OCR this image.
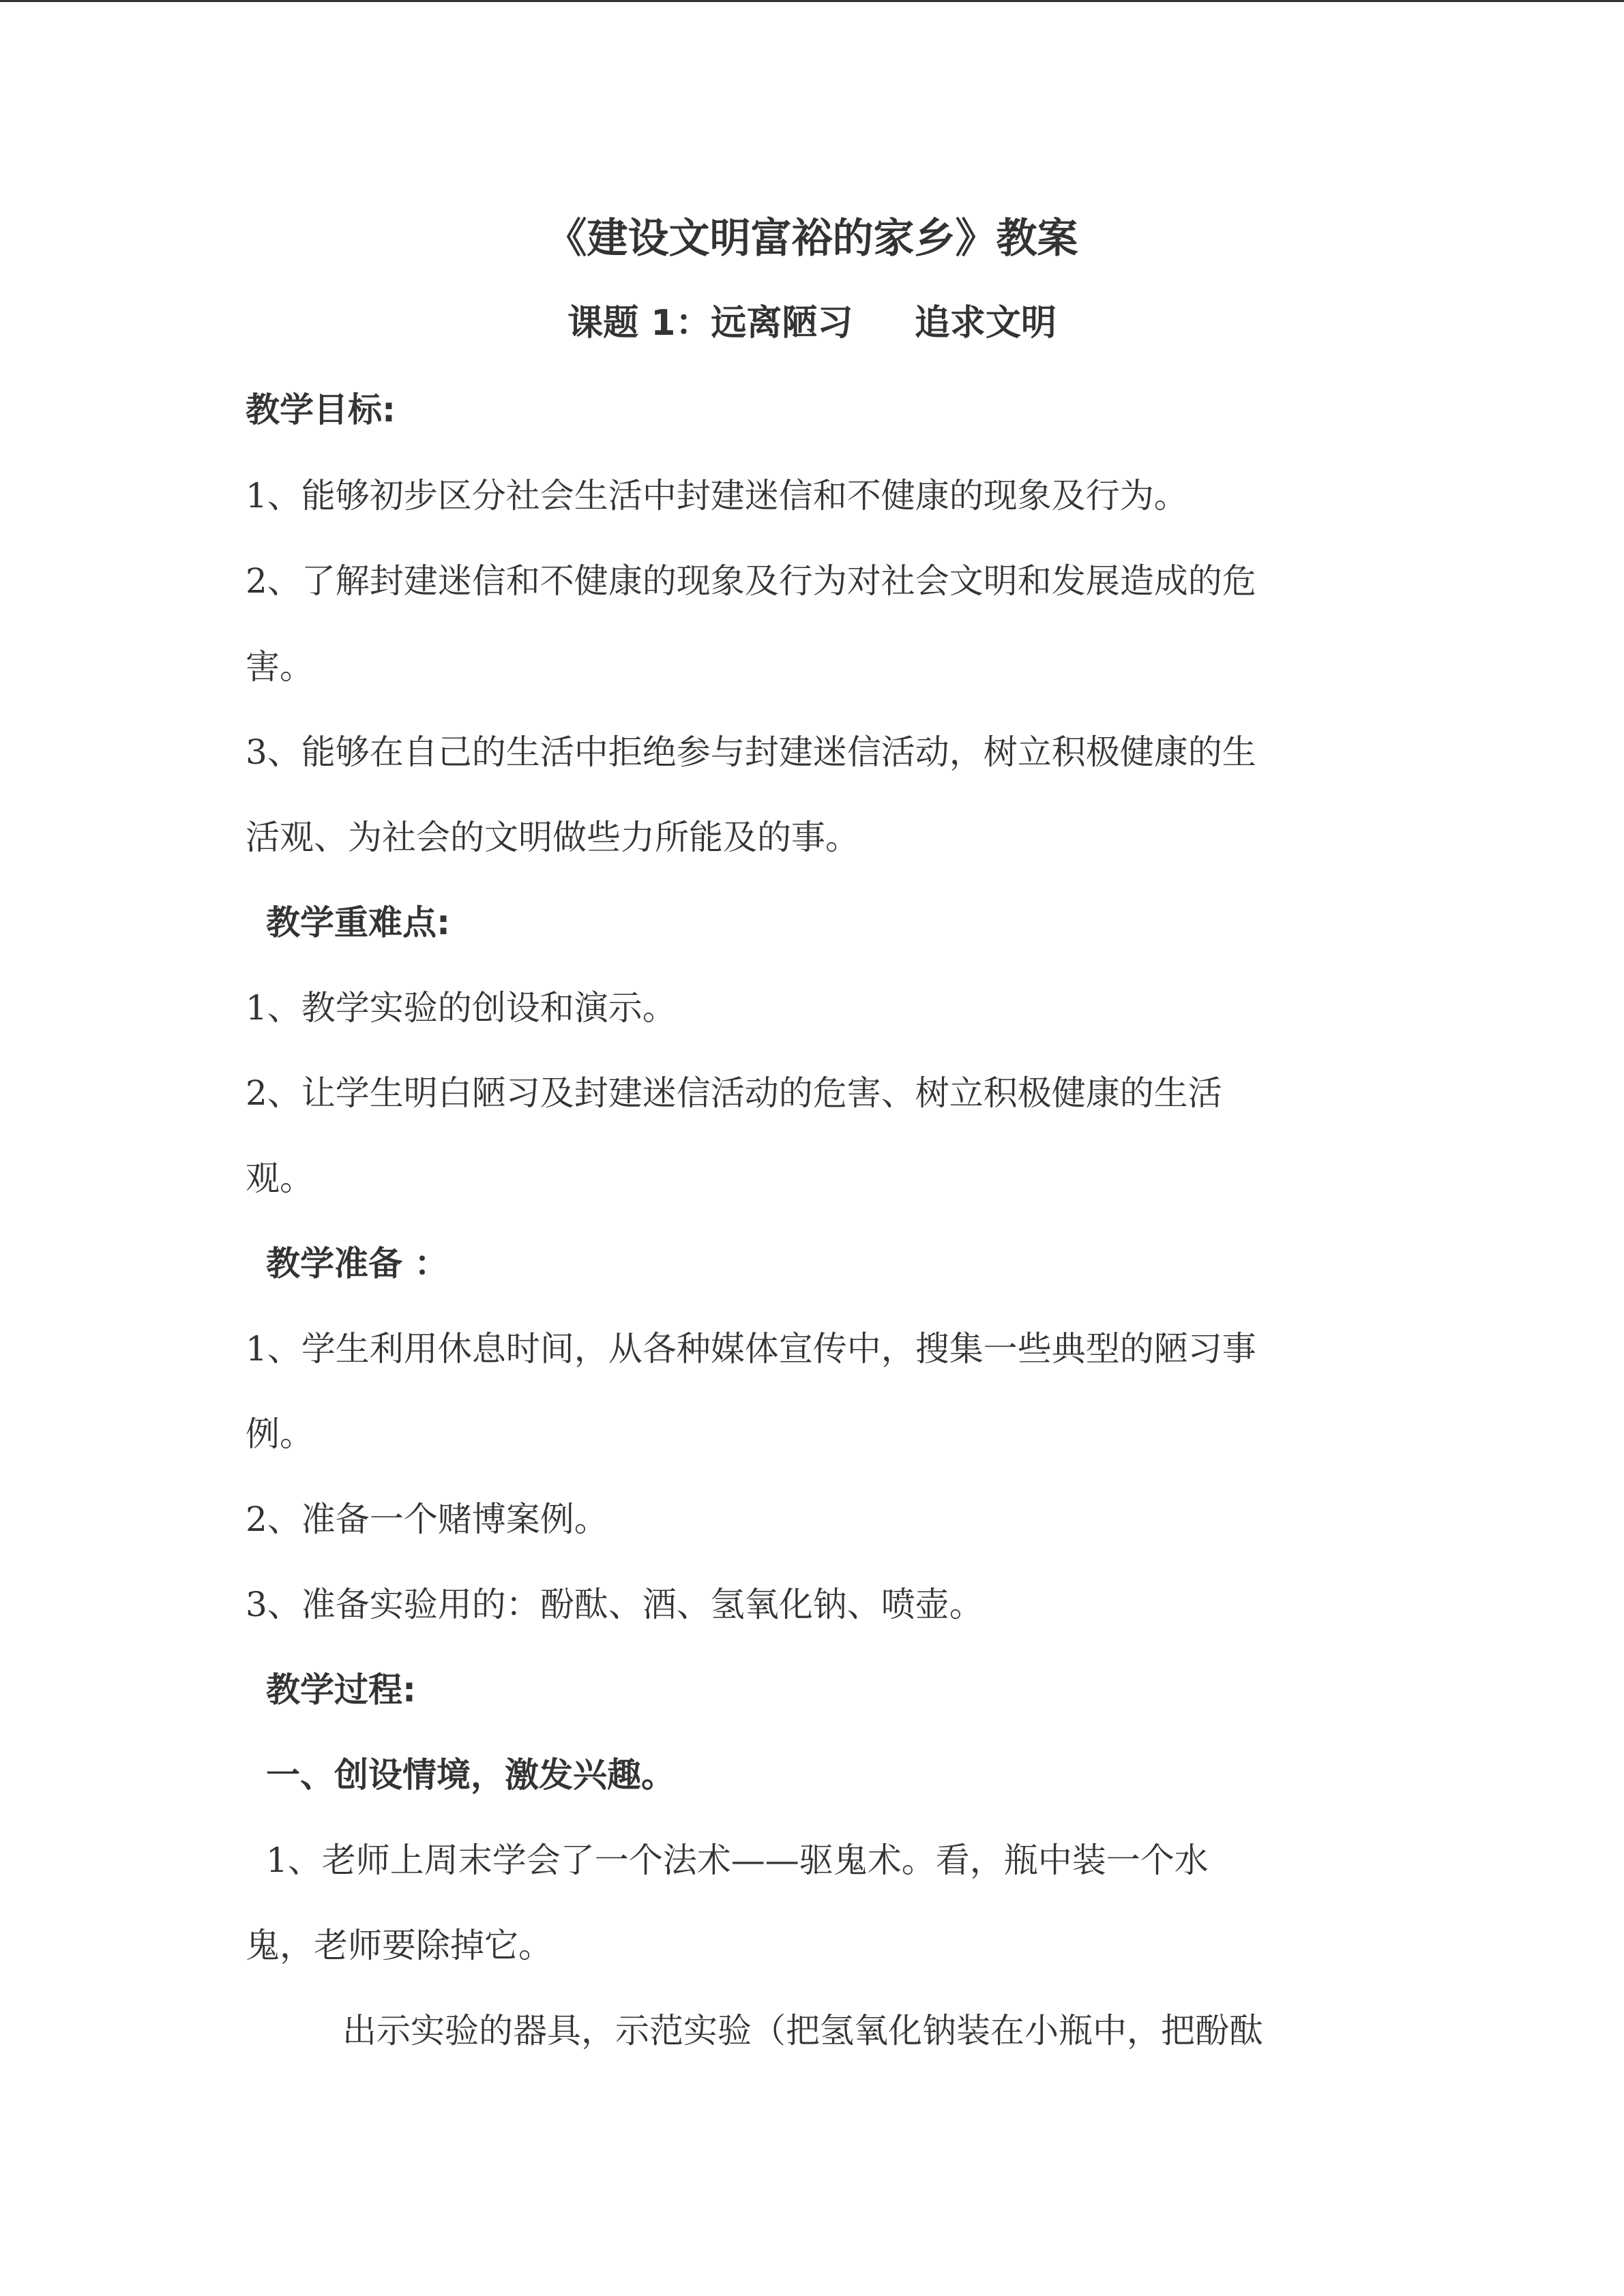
《建设文明富裕的家乡》教案
课题 1：远离陋习     追求文明
教学目标:
1、能够初步区分社会生活中封建迷信和不健康的现象及行为。
2、了解封建迷信和不健康的现象及行为对社会文明和发展造成的危
害。
3、能够在自己的生活中拒绝参与封建迷信活动，树立积极健康的生
活观、为社会的文明做些力所能及的事。
教学重难点:
1、教学实验的创设和演示。
2、让学生明白陋习及封建迷信活动的危害、树立积极健康的生活
观。
教学准备 ：
1、学生利用休息时间，从各种媒体宣传中，搜集一些典型的陋习事
例。
2、准备一个赌博案例。
3、准备实验用的：酚酞、酒、氢氧化钠、喷壶。
教学过程:
一、创设情境，激发兴趣。
1、老师上周末学会了一个法术——驱鬼术。看，瓶中装一个水
鬼，老师要除掉它。
出示实验的器具，示范实验（把氢氧化钠装在小瓶中，把酚酞
